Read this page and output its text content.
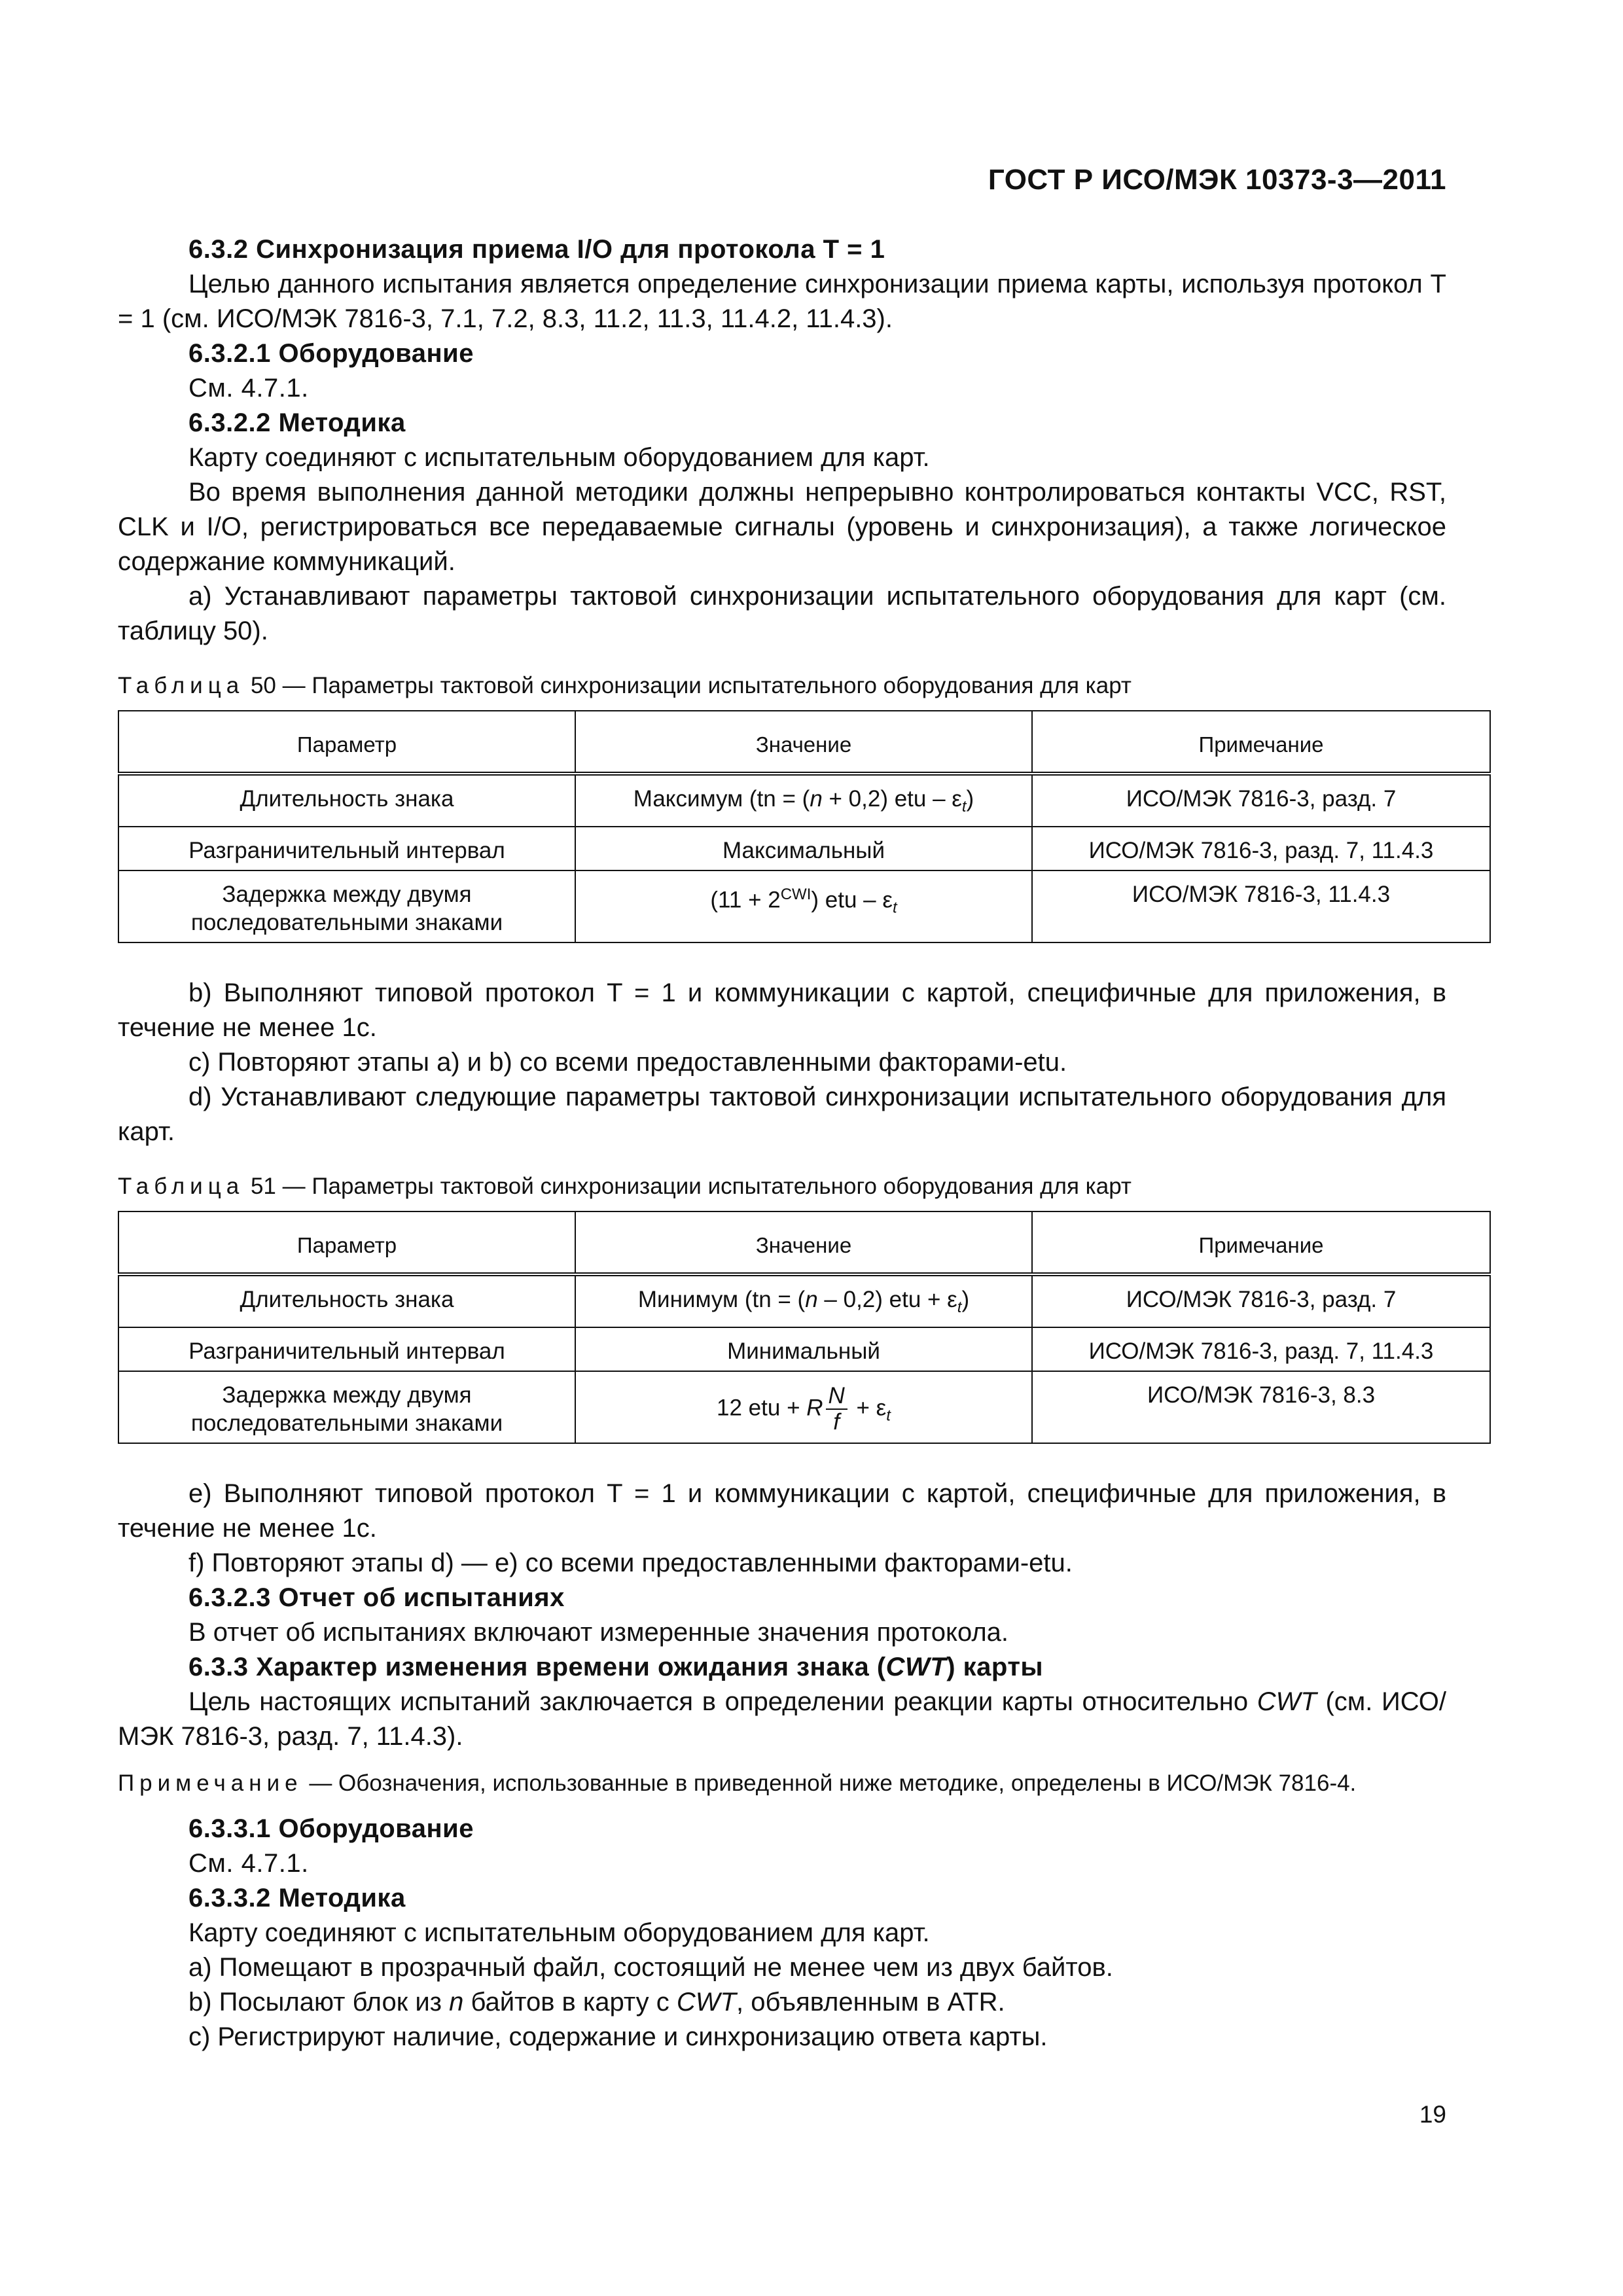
ГОСТ Р ИСО/МЭК 10373-3—2011

6.3.2 Синхронизация приема I/O для протокола T = 1

Целью данного испытания является определение синхронизации приема карты, используя протокол T = 1 (см. ИСО/МЭК 7816-3, 7.1, 7.2, 8.3, 11.2, 11.3, 11.4.2, 11.4.3).

6.3.2.1 Оборудование

См. 4.7.1.

6.3.2.2 Методика

Карту соединяют с испытательным оборудованием для карт.

Во время выполнения данной методики должны непрерывно контролироваться контакты VCC, RST, CLK и I/O, регистрироваться все передаваемые сигналы (уровень и синхронизация), а также логическое содержание коммуникаций.

a) Устанавливают параметры тактовой синхронизации испытательного оборудования для карт (см. таблицу 50).

Таблица 50 — Параметры тактовой синхронизации испытательного оборудования для карт

Параметр	Значение	Примечание
Длительность знака	Максимум (tn = (n + 0,2) etu – $\varepsilon_t$)	ИСО/МЭК 7816-3, разд. 7
Разграничительный интервал	Максимальный	ИСО/МЭК 7816-3, разд. 7, 11.4.3
Задержка между двумя последовательными знаками	$(11 + 2^{CWI})$ etu – $\varepsilon_t$	ИСО/МЭК 7816-3, 11.4.3

b) Выполняют типовой протокол T = 1 и коммуникации с картой, специфичные для приложения, в течение не менее 1с.

c) Повторяют этапы a) и b) со всеми предоставленными факторами-etu.

d) Устанавливают следующие параметры тактовой синхронизации испытательного оборудования для карт.

Таблица 51 — Параметры тактовой синхронизации испытательного оборудования для карт

Параметр	Значение	Примечание
Длительность знака	Минимум (tn = (n – 0,2) etu + $\varepsilon_t$)	ИСО/МЭК 7816-3, разд. 7
Разграничительный интервал	Минимальный	ИСО/МЭК 7816-3, разд. 7, 11.4.3
Задержка между двумя последовательными знаками	12 etu + R $\frac{N}{f} + \varepsilon_t$	ИСО/МЭК 7816-3, 8.3

e) Выполняют типовой протокол T = 1 и коммуникации с картой, специфичные для приложения, в течение не менее 1с.

f) Повторяют этапы d) — e) со всеми предоставленными факторами-etu.

6.3.2.3 Отчет об испытаниях

В отчет об испытаниях включают измеренные значения протокола.

6.3.3 Характер изменения времени ожидания знака (CWT) карты

Цель настоящих испытаний заключается в определении реакции карты относительно CWT (см. ИСО/МЭК 7816-3, разд. 7, 11.4.3).

Примечание — Обозначения, использованные в приведенной ниже методике, определены в ИСО/МЭК 7816-4.

6.3.3.1 Оборудование

См. 4.7.1.

6.3.3.2 Методика

Карту соединяют с испытательным оборудованием для карт.

a) Помещают в прозрачный файл, состоящий не менее чем из двух байтов.

b) Посылают блок из n байтов в карту с CWT, объявленным в ATR.

c) Регистрируют наличие, содержание и синхронизацию ответа карты.

19
